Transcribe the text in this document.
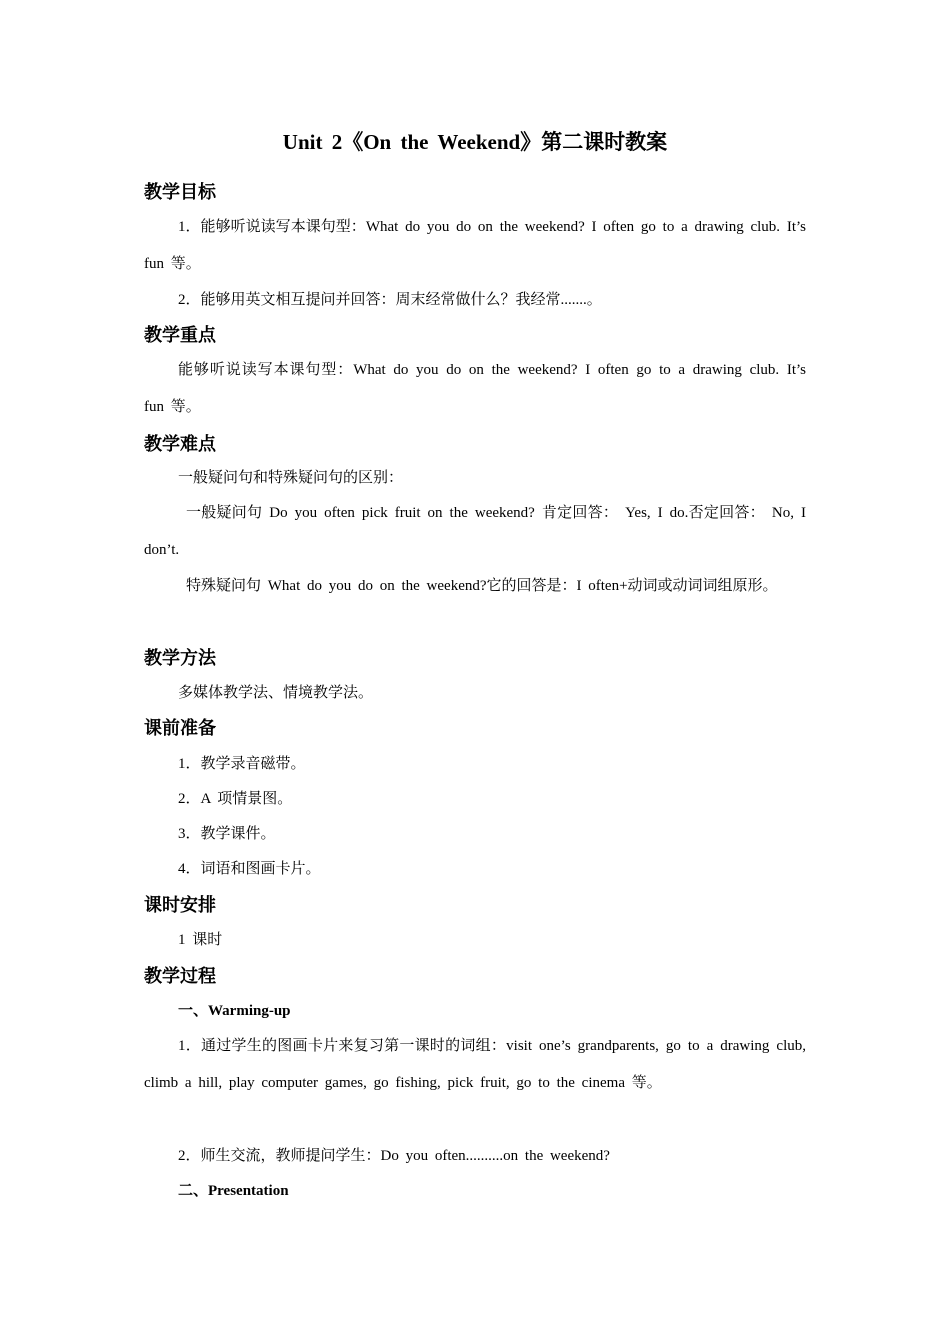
Unit 2《On the Weekend》第二课时教案
教学目标
1．能够听说读写本课句型：What do you do on the weekend? I often go to a drawing club. It’s fun 等。
2．能够用英文相互提问并回答：周末经常做什么？我经常.......。
教学重点
能够听说读写本课句型：What do you do on the weekend? I often go to a drawing club. It’s fun 等。
教学难点
一般疑问句和特殊疑问句的区别：
一般疑问句 Do you often pick fruit on the weekend? 肯定回答： Yes, I do.否定回答： No, I don’t.
特殊疑问句 What do you do on the weekend?它的回答是：I often+动词或动词词组原形。
教学方法
多媒体教学法、情境教学法。
课前准备
1．教学录音磁带。
2．A 项情景图。
3．教学课件。
4．词语和图画卡片。
课时安排
1 课时
教学过程
一、Warming-up
1．通过学生的图画卡片来复习第一课时的词组：visit one’s grandparents, go to a drawing club, climb a hill, play computer games, go fishing, pick fruit, go to the cinema 等。
2．师生交流，教师提问学生：Do you often..........on the weekend?
二、Presentation
